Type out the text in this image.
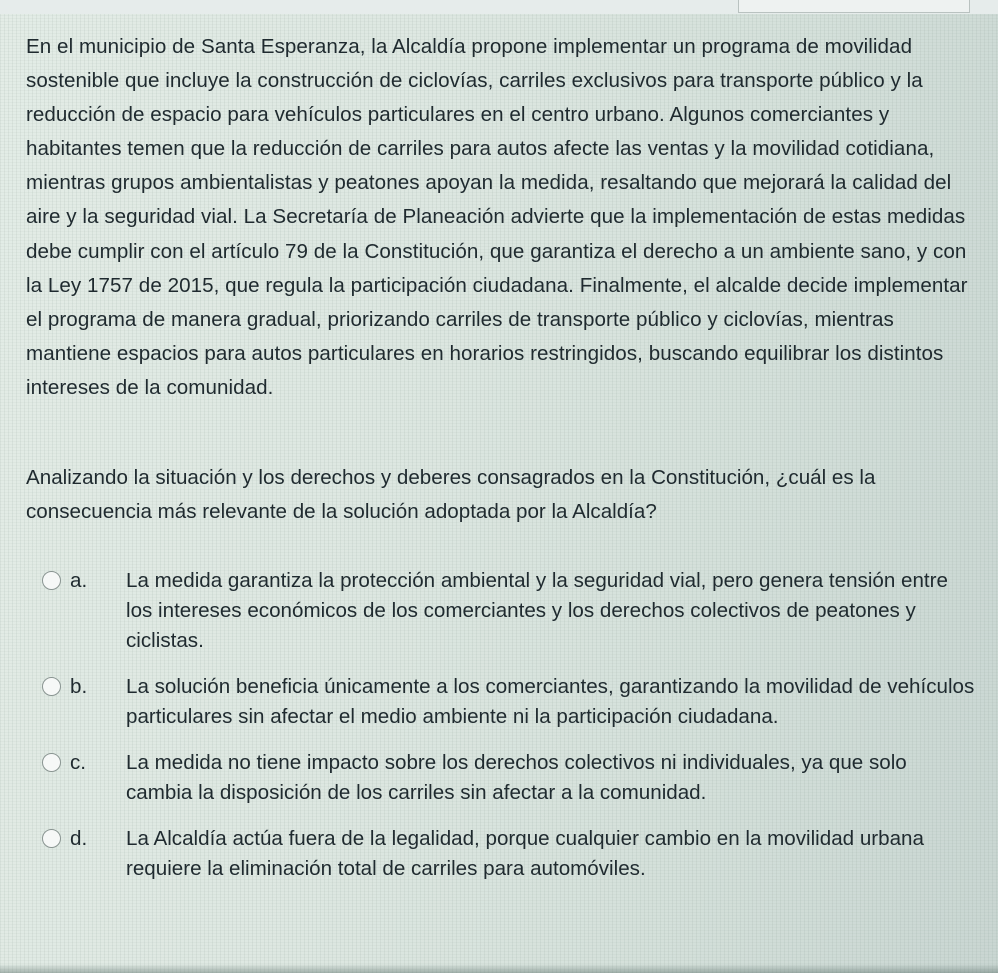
En el municipio de Santa Esperanza, la Alcaldía propone implementar un programa de movilidad sostenible que incluye la construcción de ciclovías, carriles exclusivos para transporte público y la reducción de espacio para vehículos particulares en el centro urbano. Algunos comerciantes y habitantes temen que la reducción de carriles para autos afecte las ventas y la movilidad cotidiana, mientras grupos ambientalistas y peatones apoyan la medida, resaltando que mejorará la calidad del aire y la seguridad vial. La Secretaría de Planeación advierte que la implementación de estas medidas debe cumplir con el artículo 79 de la Constitución, que garantiza el derecho a un ambiente sano, y con la Ley 1757 de 2015, que regula la participación ciudadana. Finalmente, el alcalde decide implementar el programa de manera gradual, priorizando carriles de transporte público y ciclovías, mientras mantiene espacios para autos particulares en horarios restringidos, buscando equilibrar los distintos intereses de la comunidad.

Analizando la situación y los derechos y deberes consagrados en la Constitución, ¿cuál es la consecuencia más relevante de la solución adoptada por la Alcaldía?

a. La medida garantiza la protección ambiental y la seguridad vial, pero genera tensión entre los intereses económicos de los comerciantes y los derechos colectivos de peatones y ciclistas.
b. La solución beneficia únicamente a los comerciantes, garantizando la movilidad de vehículos particulares sin afectar el medio ambiente ni la participación ciudadana.
c. La medida no tiene impacto sobre los derechos colectivos ni individuales, ya que solo cambia la disposición de los carriles sin afectar a la comunidad.
d. La Alcaldía actúa fuera de la legalidad, porque cualquier cambio en la movilidad urbana requiere la eliminación total de carriles para automóviles.
